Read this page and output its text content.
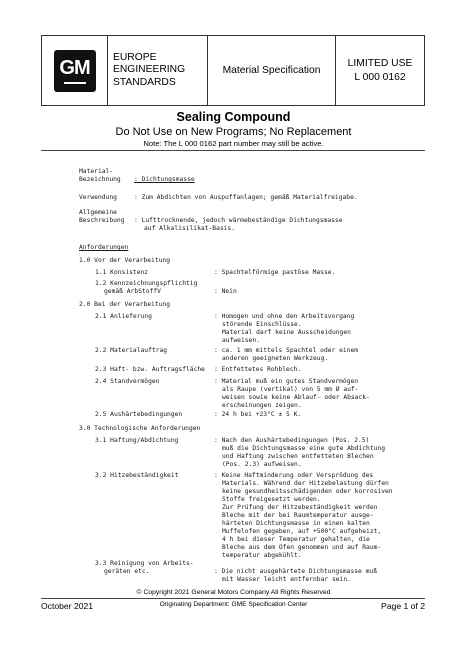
GM EUROPE
ENGINEERING
STANDARDS
Material Specification
LIMITED USE
L 000 0162
Sealing Compound
Do Not Use on New Programs; No Replacement
Note: The L 000 0162 part number may still be active.
Material-
Bezeichnung : Dichtungsmasse
Verwendung	: Zum Abdichten von Auspuffanlagen; gemäß Materialfreigabe.
Allgemeine
Beschreibung : Lufttrocknende, jedoch wärmebeständige Dichtungsmasse
auf Alkalisilikat-Basis.
Anforderungen
1.0 Vor der Verarbeitung
1.1 Konsistenz	: Spachtelförmige pastöse Masse.
1.2 Kennzeichnungspflichtig
gemäß ArbStoffV	: Nein
2.0 Bei der Verarbeitung
2.1 Anlieferung	: Homogen und ohne den Arbeitsvorgang
störende Einschlüsse.
Material darf keine Ausscheidungen
aufweisen.
2.2 Materialauftrag	: ca. 1 mm mittels Spachtel oder einem
anderen geeigneten Werkzeug.
2.3 Haft- bzw. Auftragsfläche : Entfettetes Rohblech.
2.4 Standvermögen	: Material muß ein gutes Standvermögen
als Raupe (vertikal) von 5 mm Ø auf-
weisen sowie keine Ablauf- oder Absack-
erscheinungen zeigen.
2.5 Aushärtebedingungen	: 24 h bei +23°C ± 5 K.
3.0 Technologische Anforderungen
3.1 Haftung/Abdichtung	: Nach den Aushärtebedingungen (Pos. 2.5)
muß die Dichtungsmasse eine gute Abdichtung
und Haftung zwischen entfetteten Blechen
(Pos. 2.3) aufweisen.
3.2 Hitzebeständigkeit	: Keine Haftminderung oder Versprödung des
Materials. Während der Hitzebelastung dürfen
keine gesundheitsschädigenden oder korrosiven
Stoffe freigesetzt werden.
Zur Prüfung der Hitzebeständigkeit werden
Bleche mit der bei Raumtemperatur ausge-
härteten Dichtungsmasse in einen kalten
Muffelofen gegeben, auf +500°C aufgeheizt,
4 h bei dieser Temperatur gehalten, die
Bleche aus dem Ofen genommen und auf Raum-
temperatur abgekühlt.
3.3 Reinigung von Arbeits-
geräten etc.	: Die nicht ausgehärtete Dichtungsmasse muß
mit Wasser leicht entfernbar sein.
© Copyright 2021 General Motors Company All Rights Reserved
October 2021	Originating Department: GME Specification Center	Page 1 of 2
